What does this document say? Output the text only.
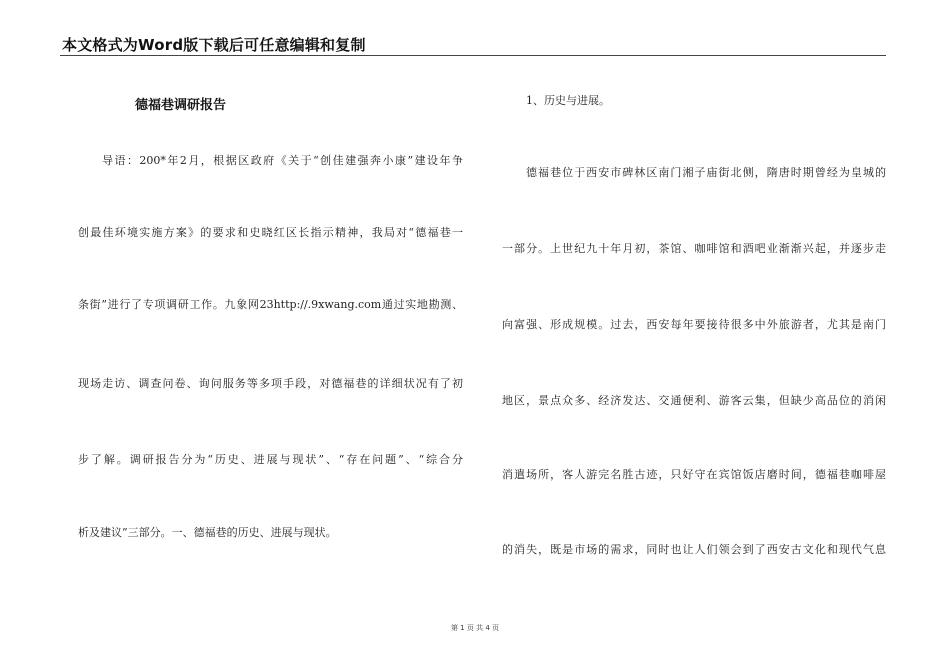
本文格式为Word版下载后可任意编辑和复制
德福巷调研报告
导语：200*年2月，根据区政府《关于“创佳建强奔小康”建设年争
创最佳环境实施方案》的要求和史晓红区长指示精神，我局对“德福巷一
条街”进行了专项调研工作。九象网23http://.9xwang.com通过实地勘测、
现场走访、调查问卷、询问服务等多项手段，对德福巷的详细状况有了初
步了解。调研报告分为“历史、进展与现状”、“存在问题”、“综合分
析及建议”三部分。一、德福巷的历史、进展与现状。
1、历史与进展。
德福巷位于西安市碑林区南门湘子庙街北侧，隋唐时期曾经为皇城的
一部分。上世纪九十年月初，茶馆、咖啡馆和酒吧业渐渐兴起，并逐步走
向富强、形成规模。过去，西安每年要接待很多中外旅游者，尤其是南门
地区，景点众多、经济发达、交通便利、游客云集，但缺少高品位的消闲
消遣场所，客人游完名胜古迹，只好守在宾馆饭店磨时间，德福巷咖啡屋
的消失，既是市场的需求，同时也让人们领会到了西安古文化和现代气息
第 1 页 共 4 页
